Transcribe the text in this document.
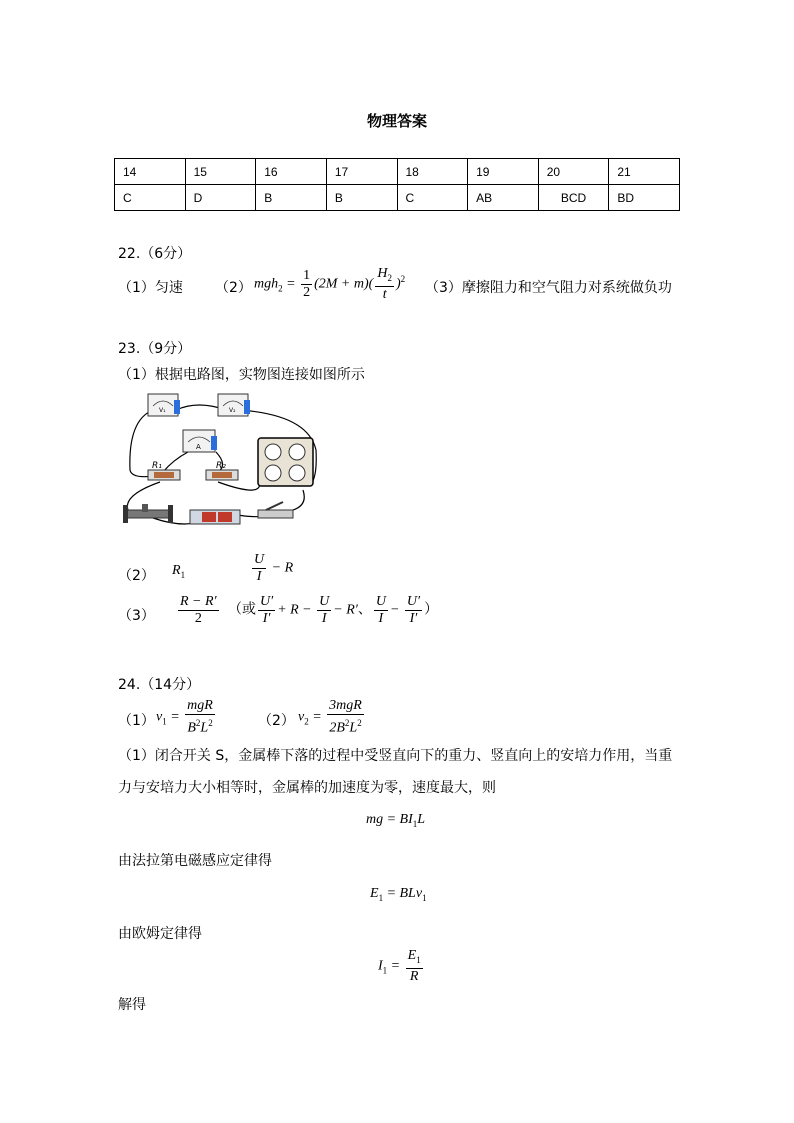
物理答案
14	15	16	17	18	19	20	21
C	D	B	B	C	AB	BCD	BD
22.（6分）
（1）匀速 （2） $mgh_2 = \frac{1}{2} (2M + m)( \frac{H_2}{t} )^2$
（3）摩擦阻力和空气阻力对系统做负功
23.（9分）
（1）根据电路图，实物图连接如图所示
V₁	V₂
A
R₁	R₂
（2） $R_1$	$\frac{U}{I} - R$
$(3) \frac{R - R'}{2}$ （或 $\frac{U'}{I'} + R - \frac{U}{I} - R'$、 $\frac{U}{I} - \frac{U'}{I'}$ ）
24.（14分）
（1） $v_1 = \frac{\text{mgR}}{B^2L^2}$	（2） $v_2 = \frac{\text{3mgR}}{2B^2L^2}$
（1）闭合开关 S，金属棒下落的过程中受竖直向下的重力、竖直向上的安培力作用，当重
力与安培力大小相等时，金属棒的加速度为零，速度最大，则
mg = $BI_1L$
由法拉第电磁感应定律得
$E_1 = BLv_1$
由欧姆定律得
$I_1 = \frac{E_1}{R}$
解得
